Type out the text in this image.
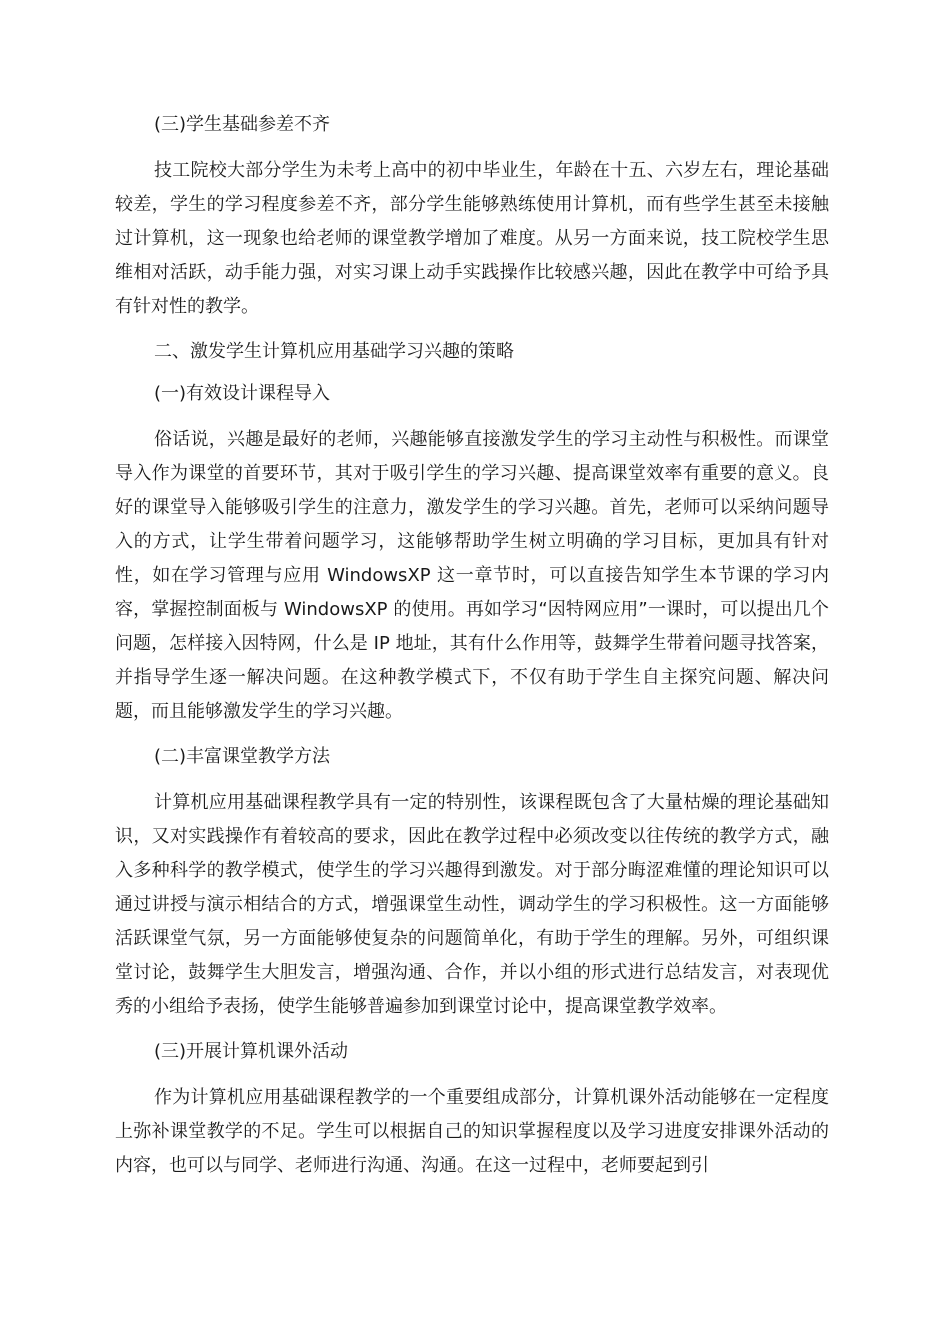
(三)学生基础参差不齐

技工院校大部分学生为未考上高中的初中毕业生，年龄在十五、六岁左右，理论基础较差，学生的学习程度参差不齐，部分学生能够熟练使用计算机，而有些学生甚至未接触过计算机，这一现象也给老师的课堂教学增加了难度。从另一方面来说，技工院校学生思维相对活跃，动手能力强，对实习课上动手实践操作比较感兴趣，因此在教学中可给予具有针对性的教学。

二、激发学生计算机应用基础学习兴趣的策略

(一)有效设计课程导入

俗话说，兴趣是最好的老师，兴趣能够直接激发学生的学习主动性与积极性。而课堂导入作为课堂的首要环节，其对于吸引学生的学习兴趣、提高课堂效率有重要的意义。良好的课堂导入能够吸引学生的注意力，激发学生的学习兴趣。首先，老师可以采纳问题导入的方式，让学生带着问题学习，这能够帮助学生树立明确的学习目标，更加具有针对性，如在学习管理与应用 WindowsXP 这一章节时，可以直接告知学生本节课的学习内容，掌握控制面板与 WindowsXP 的使用。再如学习“因特网应用”一课时，可以提出几个问题，怎样接入因特网，什么是 IP 地址，其有什么作用等，鼓舞学生带着问题寻找答案，并指导学生逐一解决问题。在这种教学模式下，不仅有助于学生自主探究问题、解决问题，而且能够激发学生的学习兴趣。

(二)丰富课堂教学方法

计算机应用基础课程教学具有一定的特别性，该课程既包含了大量枯燥的理论基础知识，又对实践操作有着较高的要求，因此在教学过程中必须改变以往传统的教学方式，融入多种科学的教学模式，使学生的学习兴趣得到激发。对于部分晦涩难懂的理论知识可以通过讲授与演示相结合的方式，增强课堂生动性，调动学生的学习积极性。这一方面能够活跃课堂气氛，另一方面能够使复杂的问题简单化，有助于学生的理解。另外，可组织课堂讨论，鼓舞学生大胆发言，增强沟通、合作，并以小组的形式进行总结发言，对表现优秀的小组给予表扬，使学生能够普遍参加到课堂讨论中，提高课堂教学效率。

(三)开展计算机课外活动

作为计算机应用基础课程教学的一个重要组成部分，计算机课外活动能够在一定程度上弥补课堂教学的不足。学生可以根据自己的知识掌握程度以及学习进度安排课外活动的内容，也可以与同学、老师进行沟通、沟通。在这一过程中，老师要起到引
